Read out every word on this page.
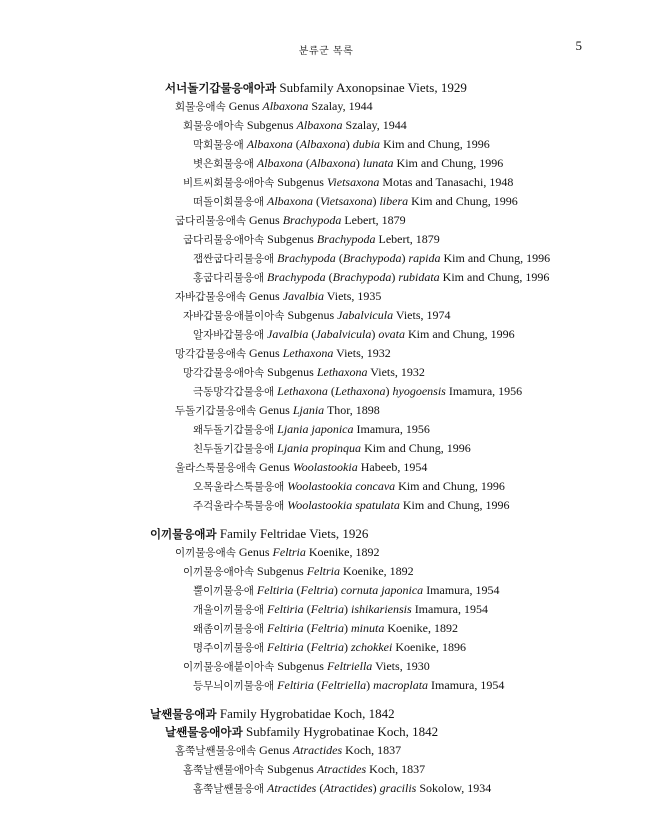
분류군 목록	5
서너돌기갑물응애아과 Subfamily Axonopsinae Viets, 1929
회물응애속 Genus Albaxona Szalay, 1944
회물응애아속 Subgenus Albaxona Szalay, 1944
막회물응애 Albaxona (Albaxona) dubia Kim and Chung, 1996
볏은회물응애 Albaxona (Albaxona) lunata Kim and Chung, 1996
비트씨회물응애아속 Subgenus Vietsaxona Motas and Tanasachi, 1948
떠돌이회물응애 Albaxona (Vietsaxona) libera Kim and Chung, 1996
굽다리물응애속 Genus Brachypoda Lebert, 1879
굽다리물응애아속 Subgenus Brachypoda Lebert, 1879
잽싼굽다리물응애 Brachypoda (Brachypoda) rapida Kim and Chung, 1996
홍굽다리물응애 Brachypoda (Brachypoda) rubidata Kim and Chung, 1996
자바갑물응애속 Genus Javalbia Viets, 1935
자바갑물응애불이아속 Subgenus Jabalvicula Viets, 1974
알자바갑물응애 Javalbia (Jabalvicula) ovata Kim and Chung, 1996
망각갑물응애속 Genus Lethaxona Viets, 1932
망각갑물응애아속 Subgenus Lethaxona Viets, 1932
극동망각갑물응애 Lethaxona (Lethaxona) hyogoensis Imamura, 1956
두돌기갑물응애속 Genus Ljania Thor, 1898
왜두돌기갑물응애 Ljania japonica Imamura, 1956
친두돌기갑물응애 Ljania propinqua Kim and Chung, 1996
울라스툭물응애속 Genus Woolastookia Habeeb, 1954
오목울라스툭물응애 Woolastookia concava Kim and Chung, 1996
주걱울라수툭물응애 Woolastookia spatulata Kim and Chung, 1996
이끼물응애과 Family Feltridae Viets, 1926
이끼물응애속 Genus Feltria Koenike, 1892
이끼물응애아속 Subgenus Feltria Koenike, 1892
뿔이끼물응애 Feltiria (Feltria) cornuta japonica Imamura, 1954
개울이끼물응애 Feltiria (Feltria) ishikariensis Imamura, 1954
왜좀이끼물응애 Feltiria (Feltria) minuta Koenike, 1892
명주이끼물응애 Feltiria (Feltria) zchokkei Koenike, 1896
이끼물응애붙이아속 Subgenus Feltriella Viets, 1930
등무늬이끼물응애 Feltiria (Feltriella) macroplata Imamura, 1954
날쌘물응애과 Family Hygrobatidae Koch, 1842
날쌘물응애아과 Subfamily Hygrobatinae Koch, 1842
홈쭉날쌘물응애속 Genus Atractides Koch, 1837
홈쭉날쌘물애아속 Subgenus Atractides Koch, 1837
홈쭉날쌘물응애 Atractides (Atractides) gracilis Sokolow, 1934
